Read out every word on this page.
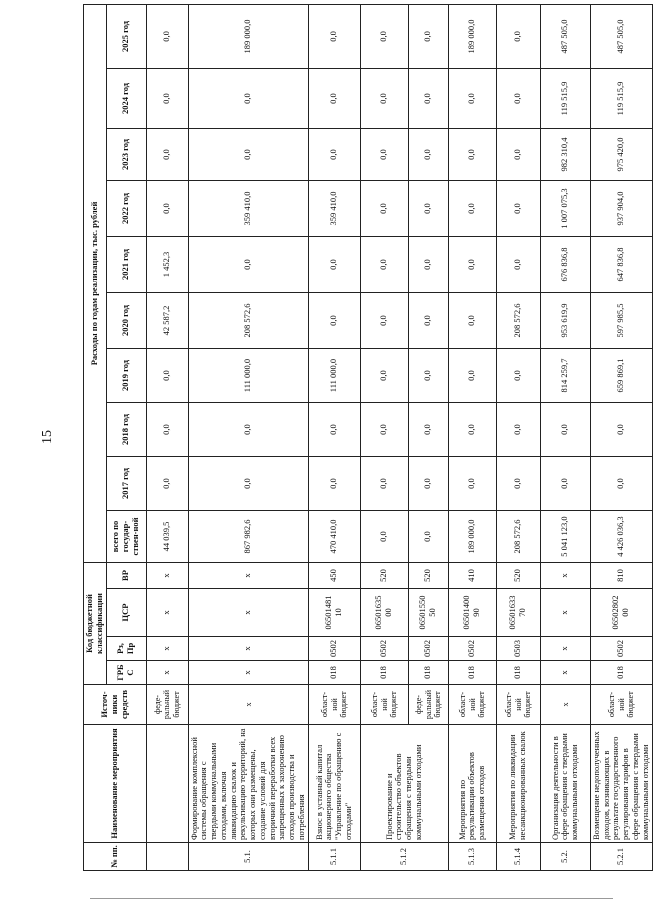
15
№ пп.	Наименование мероприятия	Источ-ники средств	Код бюджетной классификации				Расходы по годам реализации, тыс. рублей									
			ГРБ С	Рз, Пр	ЦСР	ВР	всего по государ-ствен-ной	2017 год	2018 год	2019 год	2020 год	2021 год	2022 год	2023 год	2024 год	2025 год

		феде-ральный бюджет	x	x	x	x	44 039,5	0,0	0,0	0,0	42 587,2	1 452,3	0,0	0,0	0,0	0,0
5.1.	Формирование комплексной системы обращения с твердыми коммунальными отходами, включая ликвидацию свалок и рекультивацию территорий, на которых они размещены, создание условий для вторичной переработки всех запрещенных к захоронению отходов производства и потребления	x	x	x	x	x	867 982,6	0,0	0,0	111 000,0	208 572,6	0,0	359 410,0	0,0	0,0	189 000,0
5.1.1	Взнос в уставный капитал акционерного общества "Управление по обращению с отходами"	област-ной бюджет	018	0502	06501481 10	450	470 410,0	0,0	0,0	111 000,0	0,0	0,0	359 410,0	0,0	0,0	0,0
5.1.2	Проектирование и строительство объектов обращения с твердыми коммунальными отходами	област-ной бюджет	018	0502	06501635 00	520	0,0	0,0	0,0	0,0	0,0	0,0	0,0	0,0	0,0	0,0
		феде-ральный бюджет	018	0502	06501550 50	520	0,0	0,0	0,0	0,0	0,0	0,0	0,0	0,0	0,0	0,0
5.1.3	Мероприятия по рекультивации объектов размещения отходов	област-ной бюджет	018	0502	06501400 90	410	189 000,0	0,0	0,0	0,0	0,0	0,0	0,0	0,0	0,0	189 000,0
5.1.4	Мероприятия по ликвидации несанкционированных свалок	област-ной бюджет	018	0503	06501633 70	520	208 572,6	0,0	0,0	0,0	208 572,6	0,0	0,0	0,0	0,0	0,0
5.2.	Организация деятельности в сфере обращения с твердыми коммунальными отходами	x	x	x	x	x	5 041 123,0	0,0	0,0	814 259,7	953 619,9	676 836,8	1 007 075,3	982 310,4	119 515,9	487 505,0
5.2.1	Возмещение недополученных доходов, возникающих в результате государственного регулирования тарифов в сфере обращения с твердыми коммунальными отходами	област-ной бюджет	018	0502	06502802 00	810	4 426 036,3	0,0	0,0	659 869,1	597 985,5	647 836,8	937 904,0	975 420,0	119 515,9	487 505,0
